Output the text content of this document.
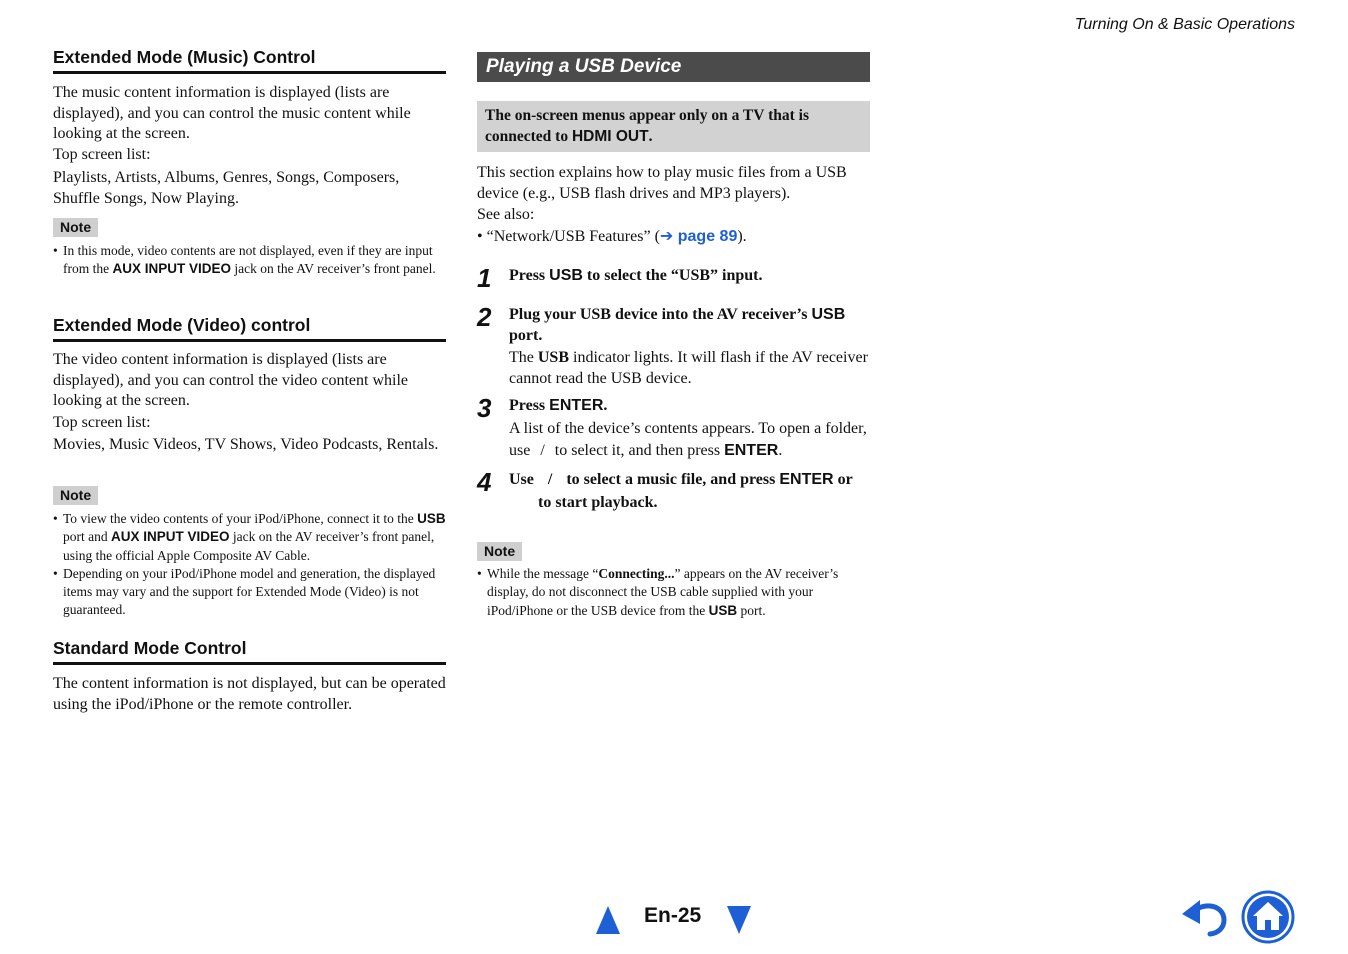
Turning On & Basic Operations
Extended Mode (Music) Control

The music content information is displayed (lists are displayed), and you can control the music content while looking at the screen.

Top screen list:

Playlists, Artists, Albums, Genres, Songs, Composers, Shuffle Songs, Now Playing.

Note
• In this mode, video contents are not displayed, even if they are input from the AUX INPUT VIDEO jack on the AV receiver’s front panel.
Extended Mode (Video) control

The video content information is displayed (lists are displayed), and you can control the video content while looking at the screen.

Top screen list:

Movies, Music Videos, TV Shows, Video Podcasts, Rentals.

Note
• To view the video contents of your iPod/iPhone, connect it to the USB port and AUX INPUT VIDEO jack on the AV receiver’s front panel, using the official Apple Composite AV Cable.
• Depending on your iPod/iPhone model and generation, the displayed items may vary and the support for Extended Mode (Video) is not guaranteed.
Standard Mode Control

The content information is not displayed, but can be operated using the iPod/iPhone or the remote controller.

Playing a USB Device
The on-screen menus appear only on a TV that is connected to HDMI OUT.

This section explains how to play music files from a USB device (e.g., USB flash drives and MP3 players).

See also:

• “Network/USB Features” (➔ page 89).

1 Press USB to select the “USB” input.
2 Plug your USB device into the AV receiver’s USB port.

The USB indicator lights. It will flash if the AV receiver cannot read the USB device.

3 Press ENTER.

A list of the device’s contents appears. To open a folder, use / to select it, and then press ENTER.

4 Use / to select a music file, and press ENTER or
to start playback.
Note
• While the message “Connecting...” appears on the AV receiver’s display, do not disconnect the USB cable supplied with your iPod/iPhone or the USB device from the USB port.
En-25
